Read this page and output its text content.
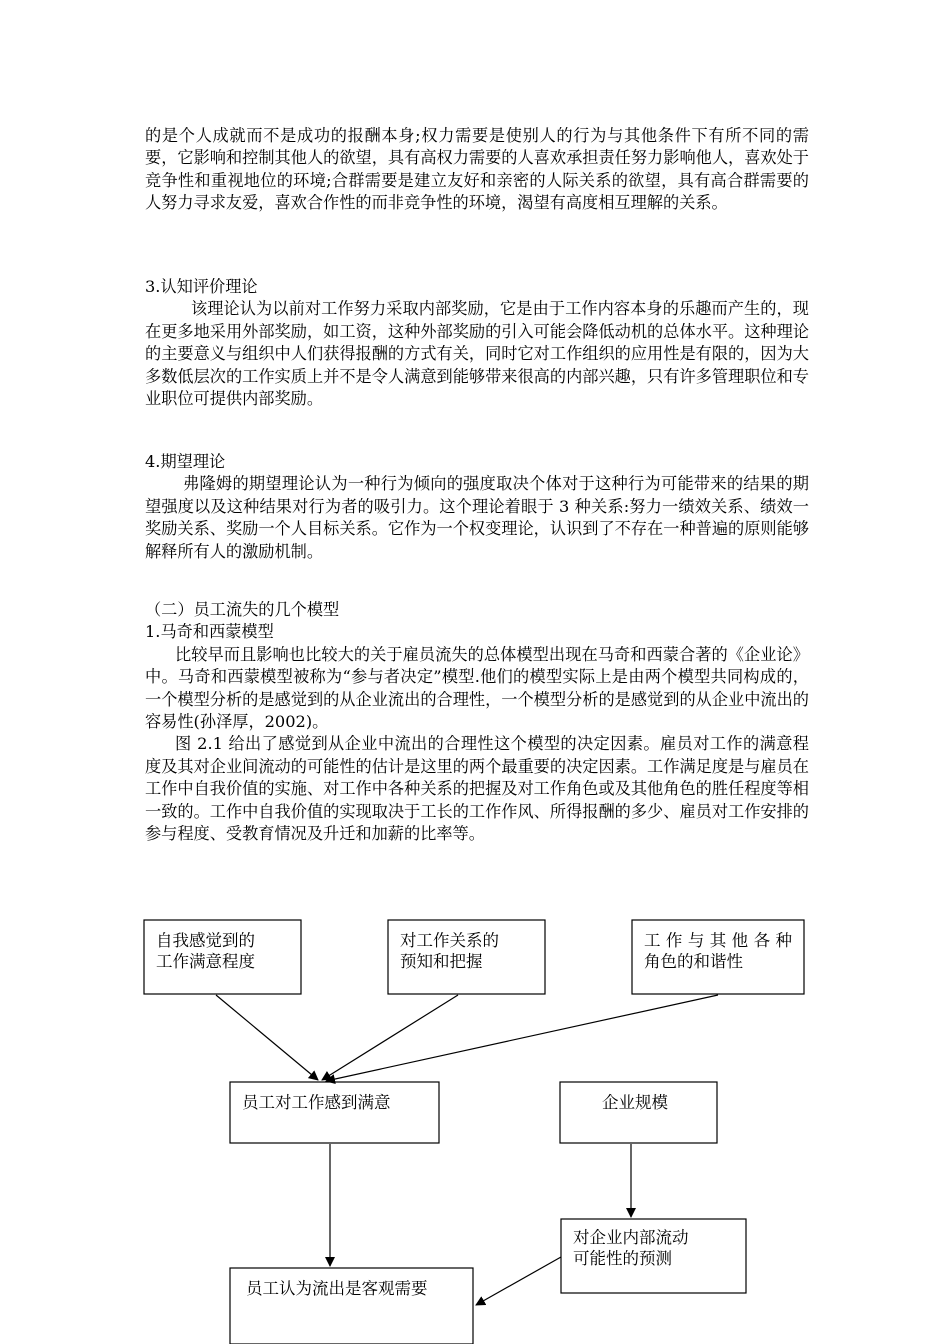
的是个人成就而不是成功的报酬本身;权力需要是使别人的行为与其他条件下有所不同的需要，它影响和控制其他人的欲望，具有高权力需要的人喜欢承担责任努力影响他人，喜欢处于竞争性和重视地位的环境;合群需要是建立友好和亲密的人际关系的欲望，具有高合群需要的人努力寻求友爱，喜欢合作性的而非竞争性的环境，渴望有高度相互理解的关系。

3.认知评价理论

该理论认为以前对工作努力采取内部奖励，它是由于工作内容本身的乐趣而产生的，现在更多地采用外部奖励，如工资，这种外部奖励的引入可能会降低动机的总体水平。这种理论的主要意义与组织中人们获得报酬的方式有关，同时它对工作组织的应用性是有限的，因为大多数低层次的工作实质上并不是令人满意到能够带来很高的内部兴趣，只有许多管理职位和专业职位可提供内部奖励。

4.期望理论

弗隆姆的期望理论认为一种行为倾向的强度取决个体对于这种行为可能带来的结果的期望强度以及这种结果对行为者的吸引力。这个理论着眼于 3 种关系:努力一绩效关系、绩效一奖励关系、奖励一个人目标关系。它作为一个权变理论，认识到了不存在一种普遍的原则能够解释所有人的激励机制。

（二）员工流失的几个模型

1.马奇和西蒙模型

比较早而且影响也比较大的关于雇员流失的总体模型出现在马奇和西蒙合著的《企业论》中。马奇和西蒙模型被称为“参与者决定”模型.他们的模型实际上是由两个模型共同构成的，一个模型分析的是感觉到的从企业流出的合理性，一个模型分析的是感觉到的从企业中流出的容易性(孙泽厚，2002)。

图 2.1 给出了感觉到从企业中流出的合理性这个模型的决定因素。雇员对工作的满意程度及其对企业间流动的可能性的估计是这里的两个最重要的决定因素。工作满足度是与雇员在工作中自我价值的实施、对工作中各种关系的把握及对工作角色或及其他角色的胜任程度等相一致的。工作中自我价值的实现取决于工长的工作作风、所得报酬的多少、雇员对工作安排的参与程度、受教育情况及升迁和加薪的比率等。

自我感觉到的
工作满意程度
对工作关系的
预知和把握
工作与其他各种
角色的和谐性
员工对工作感到满意	企业规模
对企业内部流动
可能性的预测
员工认为流出是客观需要
